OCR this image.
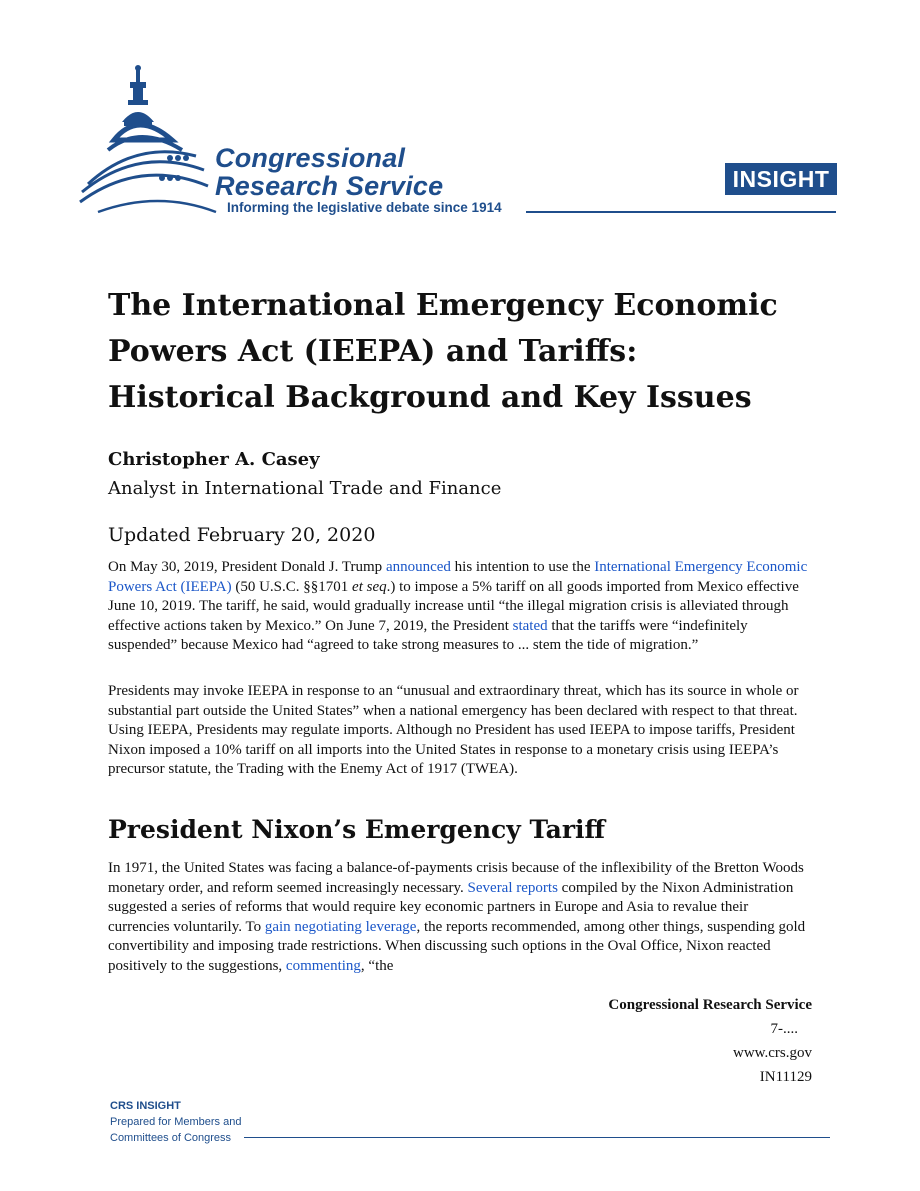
Congressional
Research Service
Informing the legislative debate since 1914
INSIGHT
The International Emergency Economic Powers Act (IEEPA) and Tariffs: Historical Background and Key Issues
Christopher A. Casey
Analyst in International Trade and Finance
Updated February 20, 2020

On May 30, 2019, President Donald J. Trump announced his intention to use the International Emergency Economic Powers Act (IEEPA) (50 U.S.C. §§1701 et seq.) to impose a 5% tariff on all goods imported from Mexico effective June 10, 2019. The tariff, he said, would gradually increase until “the illegal migration crisis is alleviated through effective actions taken by Mexico.” On June 7, 2019, the President stated that the tariffs were “indefinitely suspended” because Mexico had “agreed to take strong measures to ... stem the tide of migration.”

Presidents may invoke IEEPA in response to an “unusual and extraordinary threat, which has its source in whole or substantial part outside the United States” when a national emergency has been declared with respect to that threat. Using IEEPA, Presidents may regulate imports. Although no President has used IEEPA to impose tariffs, President Nixon imposed a 10% tariff on all imports into the United States in response to a monetary crisis using IEEPA’s precursor statute, the Trading with the Enemy Act of 1917 (TWEA).

President Nixon’s Emergency Tariff

In 1971, the United States was facing a balance-of-payments crisis because of the inflexibility of the Bretton Woods monetary order, and reform seemed increasingly necessary. Several reports compiled by the Nixon Administration suggested a series of reforms that would require key economic partners in Europe and Asia to revalue their currencies voluntarily. To gain negotiating leverage, the reports recommended, among other things, suspending gold convertibility and imposing trade restrictions. When discussing such options in the Oval Office, Nixon reacted positively to the suggestions, commenting, “the

Congressional Research Service
7-....
www.crs.gov
IN11129
CRS INSIGHT
Prepared for Members and
Committees of Congress
